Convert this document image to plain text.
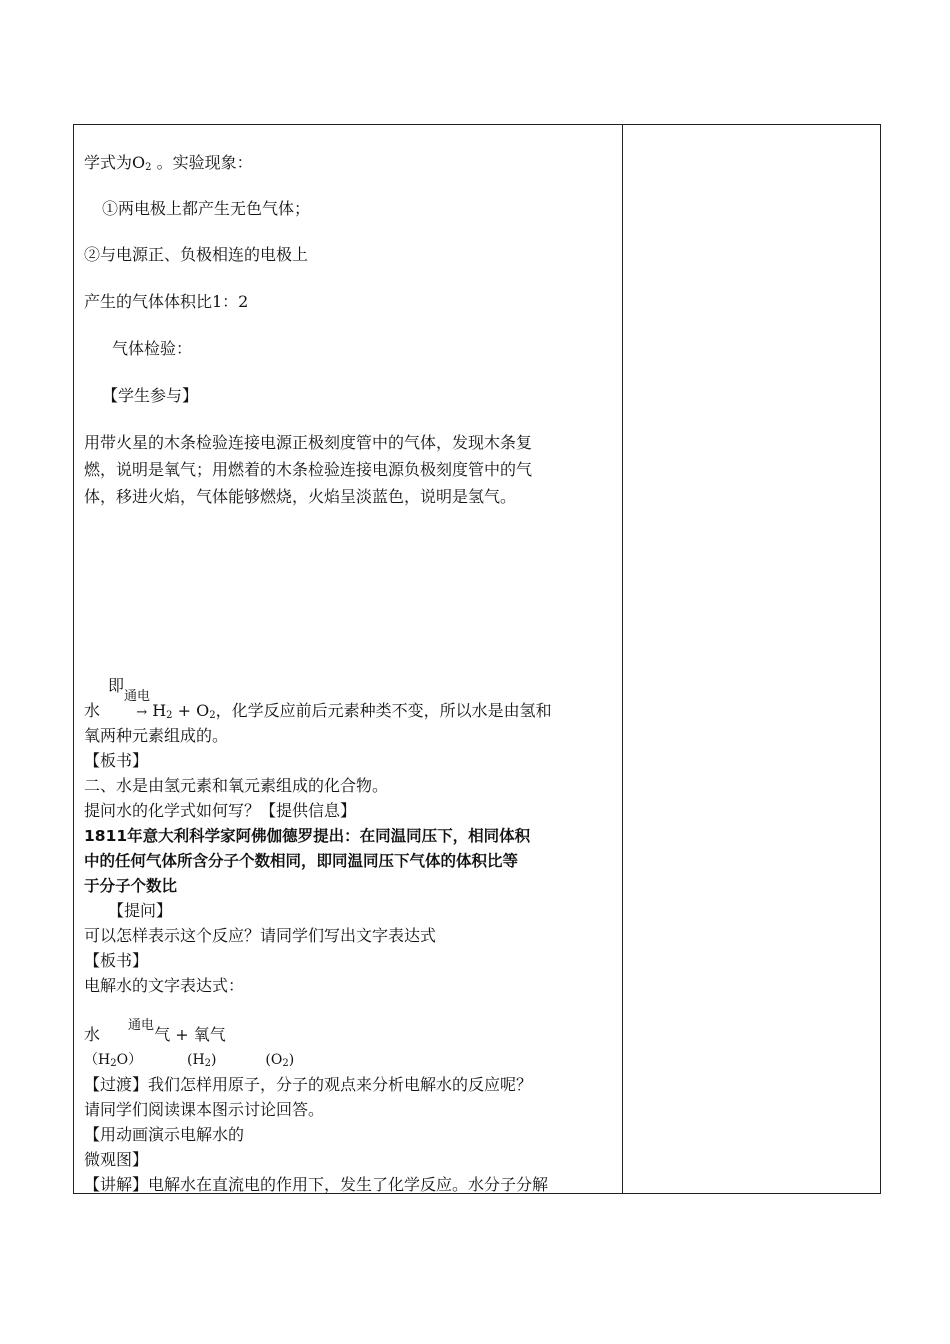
学式为$O_2$ 。实验现象：
①两电极上都产生无色气体；
②与电源正、负极相连的电极上
产生的气体体积比1：2
气体检验：
【学生参与】
用带火星的木条检验连接电源正极刻度管中的气体，发现木条复
燃，说明是氧气；用燃着的木条检验连接电源负极刻度管中的气
体，移进火焰，气体能够燃烧，火焰呈淡蓝色，说明是氢气。
即
通电
水	→ $H_2 + O_2$，化学反应前后元素种类不变，所以水是由氢和
氧两种元素组成的。
【板书】
二、水是由氢元素和氧元素组成的化合物。
提问水的化学式如何写？【提供信息】
1811年意大利科学家阿佛伽德罗提出：在同温同压下，相同体积
中的任何气体所含分子个数相同，即同温同压下气体的体积比等
于分子个数比
【提问】
可以怎样表示这个反应？请同学们写出文字表达式
【板书】
电解水的文字表达式：
通电
水	气 + 氧气
$(H_2O)$	$(H_2)$	$(O_2)$
【过渡】我们怎样用原子，分子的观点来分析电解水的反应呢？
请同学们阅读课本图示讨论回答。
【用动画演示电解水的
微观图】
【讲解】电解水在直流电的作用下，发生了化学反应。水分子分解
